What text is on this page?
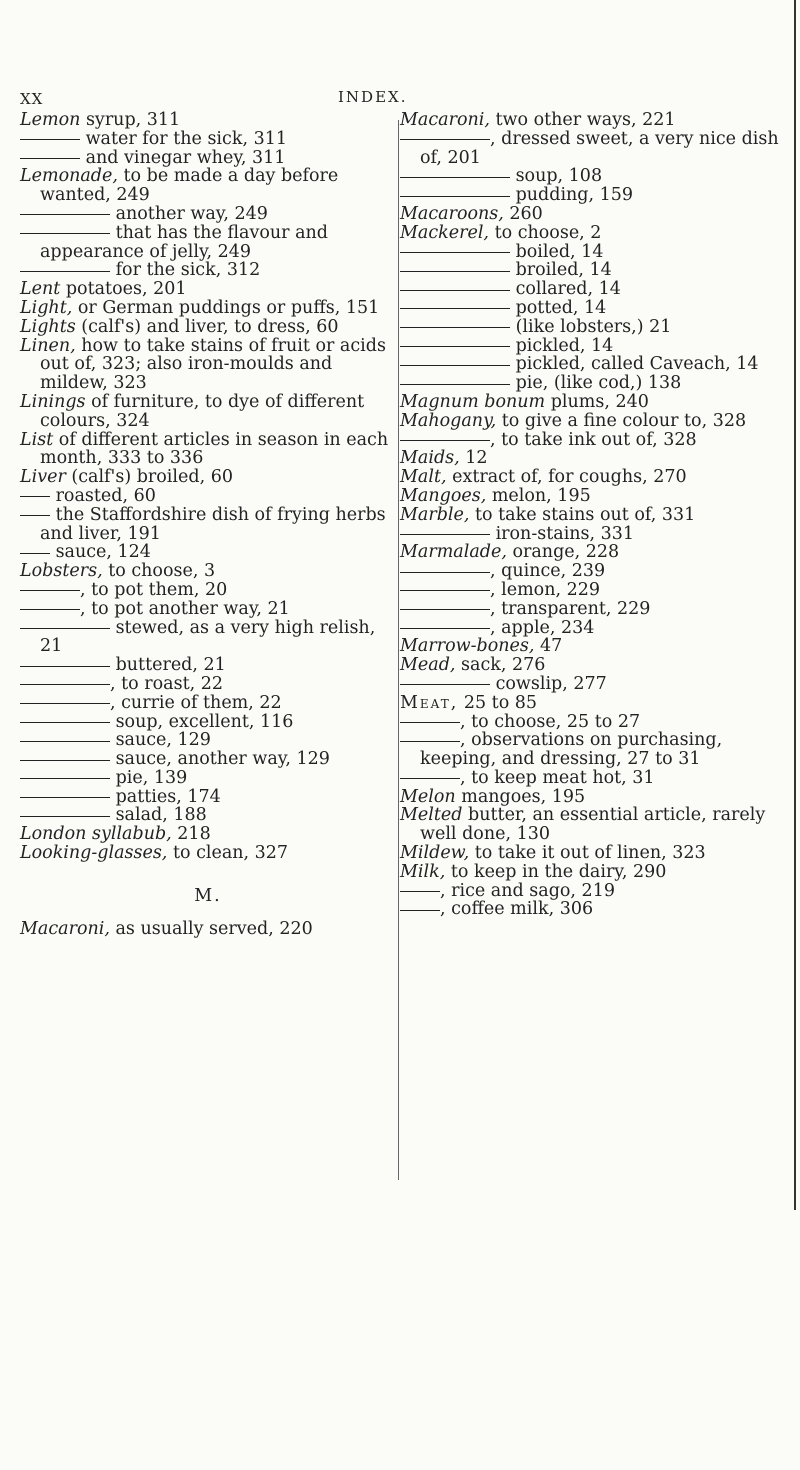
XX	INDEX.

Lemon syrup, 311

water for the sick, 311

and vinegar whey, 311

Lemonade, to be made a day before wanted, 249

another way, 249

that has the flavour and appearance of jelly, 249

for the sick, 312

Lent potatoes, 201

Light, or German puddings or puffs, 151

Lights (calf's) and liver, to dress, 60

Linen, how to take stains of fruit or acids out of, 323; also iron-moulds and mildew, 323

Linings of furniture, to dye of different colours, 324

List of different articles in season in each month, 333 to 336

Liver (calf's) broiled, 60

roasted, 60

the Staffordshire dish of frying herbs and liver, 191

sauce, 124

Lobsters, to choose, 3

, to pot them, 20

, to pot another way, 21

stewed, as a very high relish, 21

buttered, 21

, to roast, 22

, currie of them, 22

soup, excellent, 116

sauce, 129

sauce, another way, 129

pie, 139

patties, 174

salad, 188

London syllabub, 218

Looking-glasses, to clean, 327

M.

Macaroni, as usually served, 220

Macaroni, two other ways, 221

, dressed sweet, a very nice dish of, 201

soup, 108

pudding, 159

Macaroons, 260

Mackerel, to choose, 2

boiled, 14

broiled, 14

collared, 14

potted, 14

(like lobsters,) 21

pickled, 14

pickled, called Caveach, 14

pie, (like cod,) 138

Magnum bonum plums, 240

Mahogany, to give a fine colour to, 328

, to take ink out of, 328

Maids, 12

Malt, extract of, for coughs, 270

Mangoes, melon, 195

Marble, to take stains out of, 331

iron-stains, 331

Marmalade, orange, 228

, quince, 239

, lemon, 229

, transparent, 229

, apple, 234

Marrow-bones, 47

Mead, sack, 276

cowslip, 277

Meat, 25 to 85

, to choose, 25 to 27

, observations on purchasing, keeping, and dressing, 27 to 31

, to keep meat hot, 31

Melon mangoes, 195

Melted butter, an essential article, rarely well done, 130

Mildew, to take it out of linen, 323

Milk, to keep in the dairy, 290

, rice and sago, 219

, coffee milk, 306
